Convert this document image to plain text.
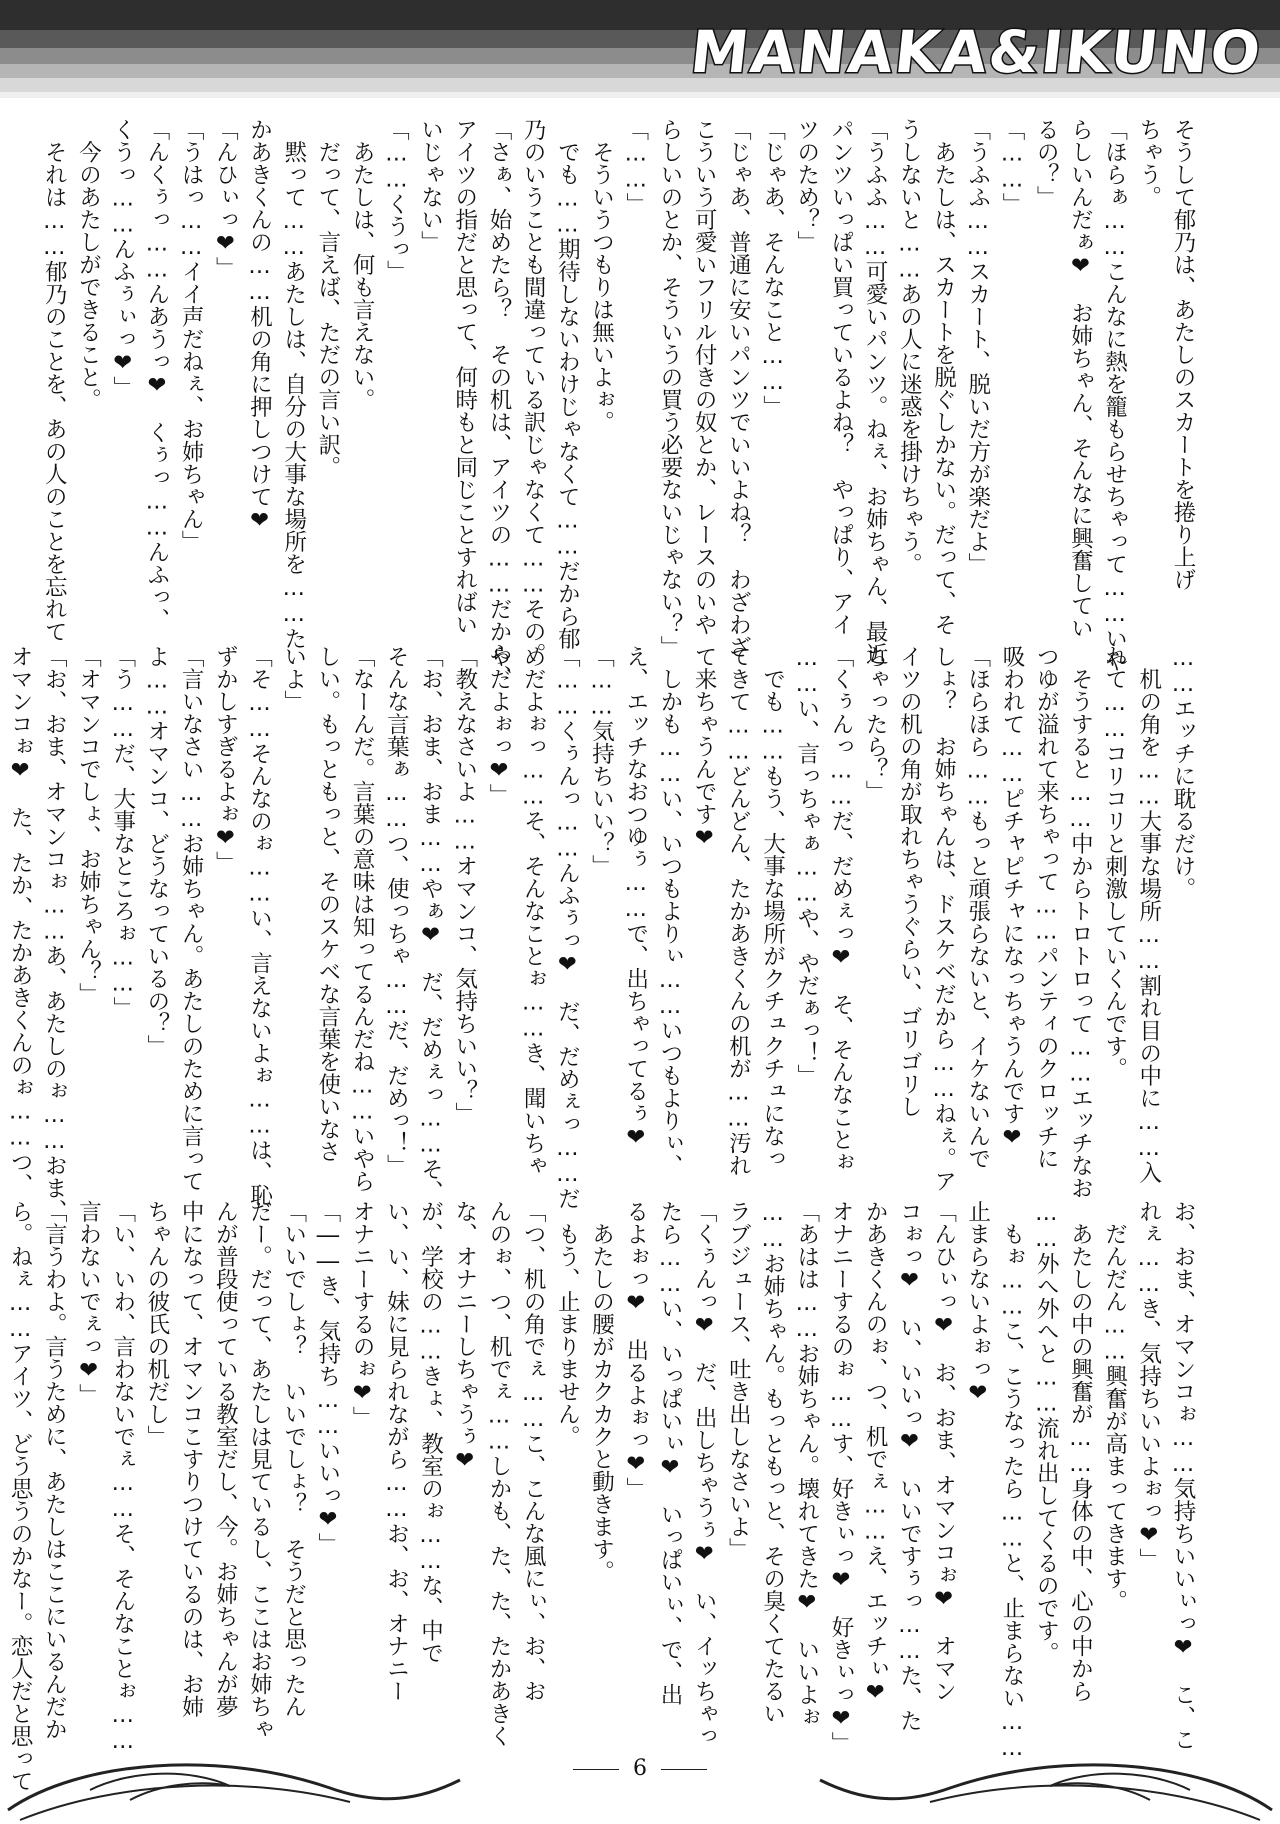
MANAKA&IKUNO
そうして郁乃は、あたしのスカートを捲り上げ
ちゃう。
「ほらぁ……こんなに熱を籠もらせちゃって……いや
らしいんだぁ❤　お姉ちゃん、そんなに興奮してい
るの？」
「……」
「うふふ……スカート、脱いだ方が楽だよ」
　あたしは、スカートを脱ぐしかない。だって、そ
うしないと……あの人に迷惑を掛けちゃう。
「うふふ……可愛いパンツ。ねぇ、お姉ちゃん、最近
パンツいっぱい買っているよね？　やっぱり、アイ
ツのため？」
「じゃあ、そんなこと……」
「じゃあ、普通に安いパンツでいいよね？　わざわざ
こういう可愛いフリル付きの奴とか、レースのいや
らしいのとか、そういうの買う必要ないじゃない？」
「……」
　そういうつもりは無いよぉ。
　でも……期待しないわけじゃなくて……だから郁
乃のいうことも間違っている訳じゃなくて……その。
「さぁ、始めたら？　その机は、アイツの……だから、
アイツの指だと思って、何時もと同じことすればい
いじゃない」
「……くうっ」
　あたしは、何も言えない。
　だって、言えば、ただの言い訳。
　黙って……あたしは、自分の大事な場所を……た
かあきくんの……机の角に押しつけて❤
「んひぃっ❤」
「うはっ……イイ声だねぇ、お姉ちゃん」
「んくぅっ……んあうっ❤　くぅっ……んふっ、
くうっ……んふぅぃっ❤」
　今のあたしができること。
　それは……郁乃のことを、あの人のことを忘れて
……エッチに耽るだけ。
　机の角を……大事な場所……割れ目の中に……入
れて……コリコリと刺激していくんです。
　そうすると……中からトロトロって……エッチなお
つゆが溢れて来ちゃって……パンティのクロッチに
吸われて……ピチャピチャになっちゃうんです❤
「ほらほら……もっと頑張らないと、イケないんで
しょ？　お姉ちゃんは、ドスケベだから……ねぇ。ア
イツの机の角が取れちゃうぐらい、ゴリゴリし
ちゃったら？」
「くぅんっ……だ、だめぇっ❤　そ、そんなことぉ
……い、言っちゃぁ……や、やだぁっ！」
　でも……もう、大事な場所がクチュクチュになっ
てきて……どんどん、たかあきくんの机が……汚れ
て来ちゃうんです❤
　しかも……い、いつもよりぃ……いつもよりぃ、
え、エッチなおつゆぅ……で、出ちゃってるぅ❤
「……気持ちいい？」
「……くぅんっ……んふぅっ❤　だ、だめぇっ……だ
めだよぉっ……そ、そんなことぉ……き、聞いちゃ
やだよぉっ❤」
「教えなさいよ……オマンコ、気持ちいい？」
「お、おま、おま……やぁ❤　だ、だめぇっ……そ、
そんな言葉ぁ……つ、使っちゃ……だ、だめっ！」
「なーんだ。言葉の意味は知ってるんだね……いやら
しい。もっともっと、そのスケベな言葉を使いなさ
いよ」
「そ……そんなのぉ……い、言えないよぉ……は、恥
ずかしすぎるよぉ❤」
「言いなさい……お姉ちゃん。あたしのために言って
よ……オマンコ、どうなっているの？」
「う……だ、大事なところぉ……」
「オマンコでしょ、お姉ちゃん？」
「お、おま、オマンコぉ……あ、あたしのぉ……おま、
オマンコぉ❤　た、たか、たかあきくんのぉ……つ、

お、おま、オマンコぉ……気持ちいいぃっ❤　こ、こ
れぇ……き、気持ちいいよぉっ❤」
　だんだん……興奮が高まってきます。
　あたしの中の興奮が……身体の中、心の中から
……外へ外へと……流れ出してくるのです。
　もぉ……こ、こうなったら……と、止まらない……
止まらないよぉっ❤
「んひぃっ❤　お、おま、オマンコぉ❤　オマン
コぉっ❤　い、いいっ❤　いいですぅっ……た、た
かあきくんのぉ、つ、机でぇ……え、エッチぃ❤
オナニーするのぉ……す、好きぃっ❤　好きぃっ❤」
「あはは……お姉ちゃん。壊れてきた❤　いいよぉ
……お姉ちゃん。もっともっと、その臭くてたるい
ラブジュース、吐き出しなさいよ」
「くぅんっ❤　だ、出しちゃうぅ❤　い、イッちゃっ
たら……い、いっぱいぃ❤　いっぱいぃ、で、出
るよぉっ❤　出るよぉっ❤」
　あたしの腰がカクカクと動きます。
　もう、止まりません。
「つ、机の角でぇ……こ、こんな風にぃ、お、お
んのぉ、つ、机でぇ……しかも、た、た、たかあきく
な、オナニーしちゃうぅ❤
が、学校の……きょ、教室のぉ……な、中で
い、い、妹に見られながら……お、お、オナニー
オナニーするのぉ❤」
「――き、気持ち……いいっ❤」
「いいでしょ？　いいでしょ？　そうだと思ったん
だー。だって、あたしは見ているし、ここはお姉ちゃ
んが普段使っている教室だし、今。お姉ちゃんが夢
中になって、オマンコこすりつけているのは、お姉
ちゃんの彼氏の机だし」
「い、いわ、言わないでぇ……そ、そんなことぉ……
言わないでぇっ❤」
「言うわよ。言うために、あたしはここにいるんだか
ら。ねぇ……アイツ、どう思うのかなー。恋人だと思って

　	6
